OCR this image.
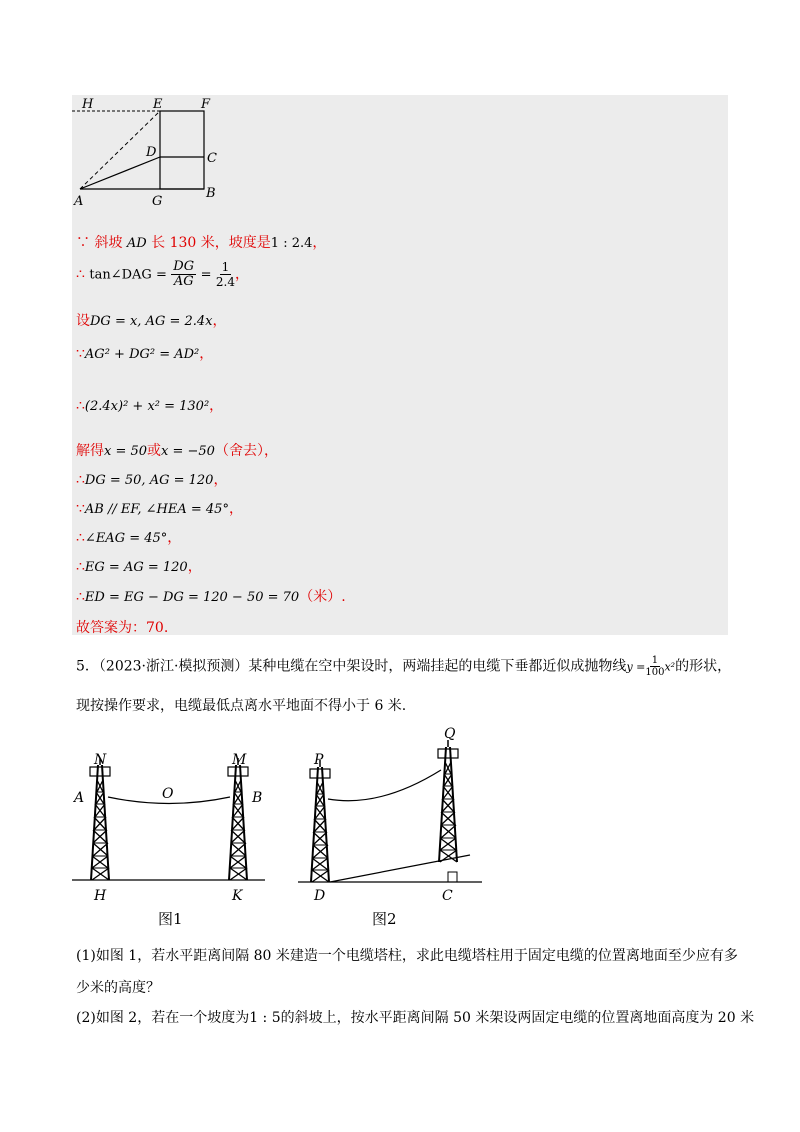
H	E	F
D	C
A	G
B
∵ 斜坡 AD 长 130 米，坡度是1 : 2.4，
∴ tan∠DAG = $\frac{DG}{AG} = \frac{1}{2.4}$ ，
设DG = x, AG = 2.4x，
∵AG² + DG² = AD²，
∴(2.4x)² + x² = 130²，
解得x = 50或x = −50（舍去），
∴DG = 50, AG = 120，
∵AB // EF, ∠HEA = 45°，
∴∠EAG = 45°，
∴EG = AG = 120，
∴ED = EG − DG = 120 − 50 = 70（米）.
故答案为：70.
5．（2023·浙江·模拟预测）某种电缆在空中架设时，两端挂起的电缆下垂都近似成抛物线$y = \frac{1}{100} x^2$的形状，
现按操作要求，电缆最低点离水平地面不得小于 6 米.
N	M
A	O	B
H	K
图1
P
Q
D	C
图2
(1)如图 1，若水平距离间隔 80 米建造一个电缆塔柱，求此电缆塔柱用于固定电缆的位置离地面至少应有多
少米的高度？
(2)如图 2，若在一个坡度为1 : 5的斜坡上，按水平距离间隔 50 米架设两固定电缆的位置离地面高度为 20 米
